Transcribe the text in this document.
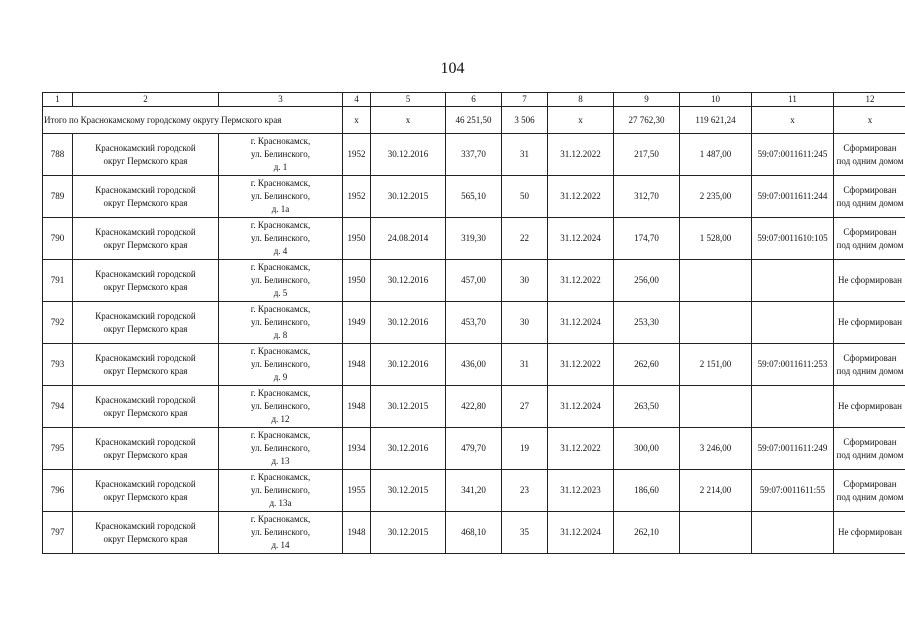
104
1	2	3	4	5	6	7	8	9	10	11	12
Итого по Краснокамскому городскому округу Пермского края			х	х	46 251,50	3 506	х	27 762,30	119 621,24	х	х
788	Краснокамский городской
округ Пермского края	г. Краснокамск,
ул. Белинского,
д. 1	1952	30.12.2016	337,70	31	31.12.2022	217,50	1 487,00	59:07:0011611:245	Сформирован
под одним домом

789	Краснокамский городской
округ Пермского края	г. Краснокамск,
ул. Белинского,
д. 1а	1952	30.12.2015	565,10	50	31.12.2022	312,70	2 235,00	59:07:0011611:244	Сформирован
под одним домом

790	Краснокамский городской
округ Пермского края	г. Краснокамск,
ул. Белинского,
д. 4	1950	24.08.2014	319,30	22	31.12.2024	174,70	1 528,00	59:07:0011610:105	Сформирован
под одним домом

791	Краснокамский городской
округ Пермского края	г. Краснокамск,
ул. Белинского,
д. 5	1950	30.12.2016	457,00	30	31.12.2022	256,00			Не сформирован

792	Краснокамский городской
округ Пермского края	г. Краснокамск,
ул. Белинского,
д. 8	1949	30.12.2016	453,70	30	31.12.2024	253,30			Не сформирован

793	Краснокамский городской
округ Пермского края	г. Краснокамск,
ул. Белинского,
д. 9	1948	30.12.2016	436,00	31	31.12.2022	262,60	2 151,00	59:07:0011611:253	Сформирован
под одним домом

794	Краснокамский городской
округ Пермского края	г. Краснокамск,
ул. Белинского,
д. 12	1948	30.12.2015	422,80	27	31.12.2024	263,50			Не сформирован

795	Краснокамский городской
округ Пермского края	г. Краснокамск,
ул. Белинского,
д. 13	1934	30.12.2016	479,70	19	31.12.2022	300,00	3 246,00	59:07:0011611:249	Сформирован
под одним домом

796	Краснокамский городской
округ Пермского края	г. Краснокамск,
ул. Белинского,
д. 13а	1955	30.12.2015	341,20	23	31.12.2023	186,60	2 214,00	59:07:0011611:55	Сформирован
под одним домом

797	Краснокамский городской
округ Пермского края	г. Краснокамск,
ул. Белинского,
д. 14	1948	30.12.2015	468,10	35	31.12.2024	262,10			Не сформирован
